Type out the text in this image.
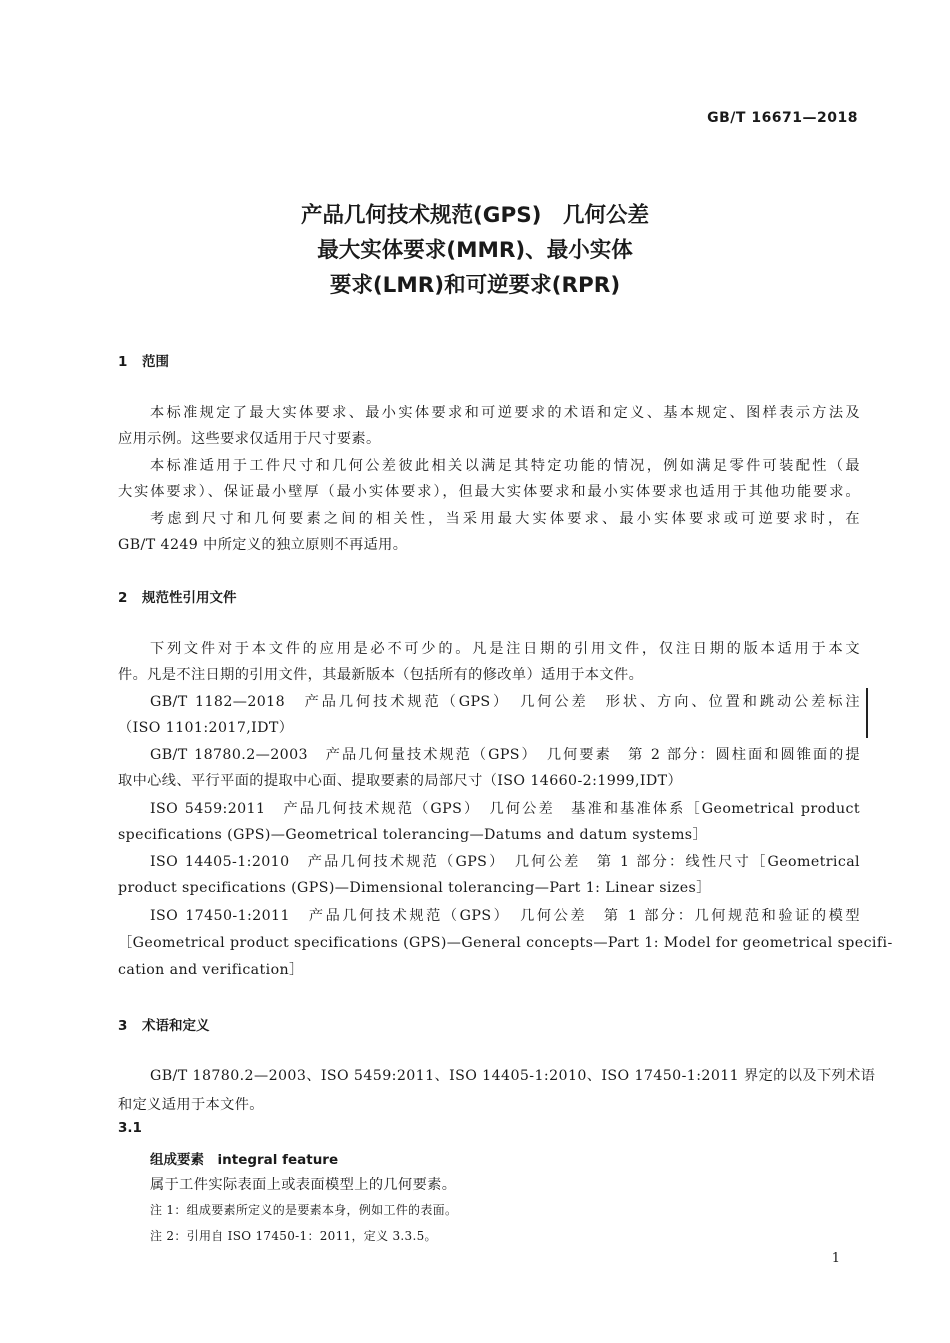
GB/T 16671—2018
产品几何技术规范(GPS)　几何公差
最大实体要求(MMR)、最小实体
要求(LMR)和可逆要求(RPR)
1 范围
本标准规定了最大实体要求、最小实体要求和可逆要求的术语和定义、基本规定、图样表示方法及
应用示例。这些要求仅适用于尺寸要素。
本标准适用于工件尺寸和几何公差彼此相关以满足其特定功能的情况，例如满足零件可装配性（最
大实体要求）、保证最小壁厚（最小实体要求），但最大实体要求和最小实体要求也适用于其他功能要求。
考虑到尺寸和几何要素之间的相关性，当采用最大实体要求、最小实体要求或可逆要求时，在
GB/T 4249 中所定义的独立原则不再适用。
2 规范性引用文件
下列文件对于本文件的应用是必不可少的。凡是注日期的引用文件，仅注日期的版本适用于本文
件。凡是不注日期的引用文件，其最新版本（包括所有的修改单）适用于本文件。
GB/T 1182—2018　产品几何技术规范（GPS）　几何公差　形状、方向、位置和跳动公差标注
（ISO 1101:2017,IDT）
GB/T 18780.2—2003　产品几何量技术规范（GPS）　几何要素　第 2 部分：圆柱面和圆锥面的提
取中心线、平行平面的提取中心面、提取要素的局部尺寸（ISO 14660-2:1999,IDT）
ISO 5459:2011　产品几何技术规范（GPS）　几何公差　基准和基准体系［Geometrical product
specifications (GPS)—Geometrical tolerancing—Datums and datum systems］
ISO 14405-1:2010　产品几何技术规范（GPS）　几何公差　第 1 部分：线性尺寸［Geometrical
product specifications (GPS)—Dimensional tolerancing—Part 1: Linear sizes］
ISO 17450-1:2011　产品几何技术规范（GPS）　几何公差　第 1 部分：几何规范和验证的模型
［Geometrical product specifications (GPS)—General concepts—Part 1: Model for geometrical specifi-
cation and verification］
3 术语和定义
GB/T 18780.2—2003、ISO 5459:2011、ISO 14405-1:2010、ISO 17450-1:2011 界定的以及下列术语
和定义适用于本文件。
3.1
组成要素　integral feature
属于工件实际表面上或表面模型上的几何要素。
注 1：组成要素所定义的是要素本身，例如工件的表面。
注 2：引用自 ISO 17450-1：2011，定义 3.3.5。
1
